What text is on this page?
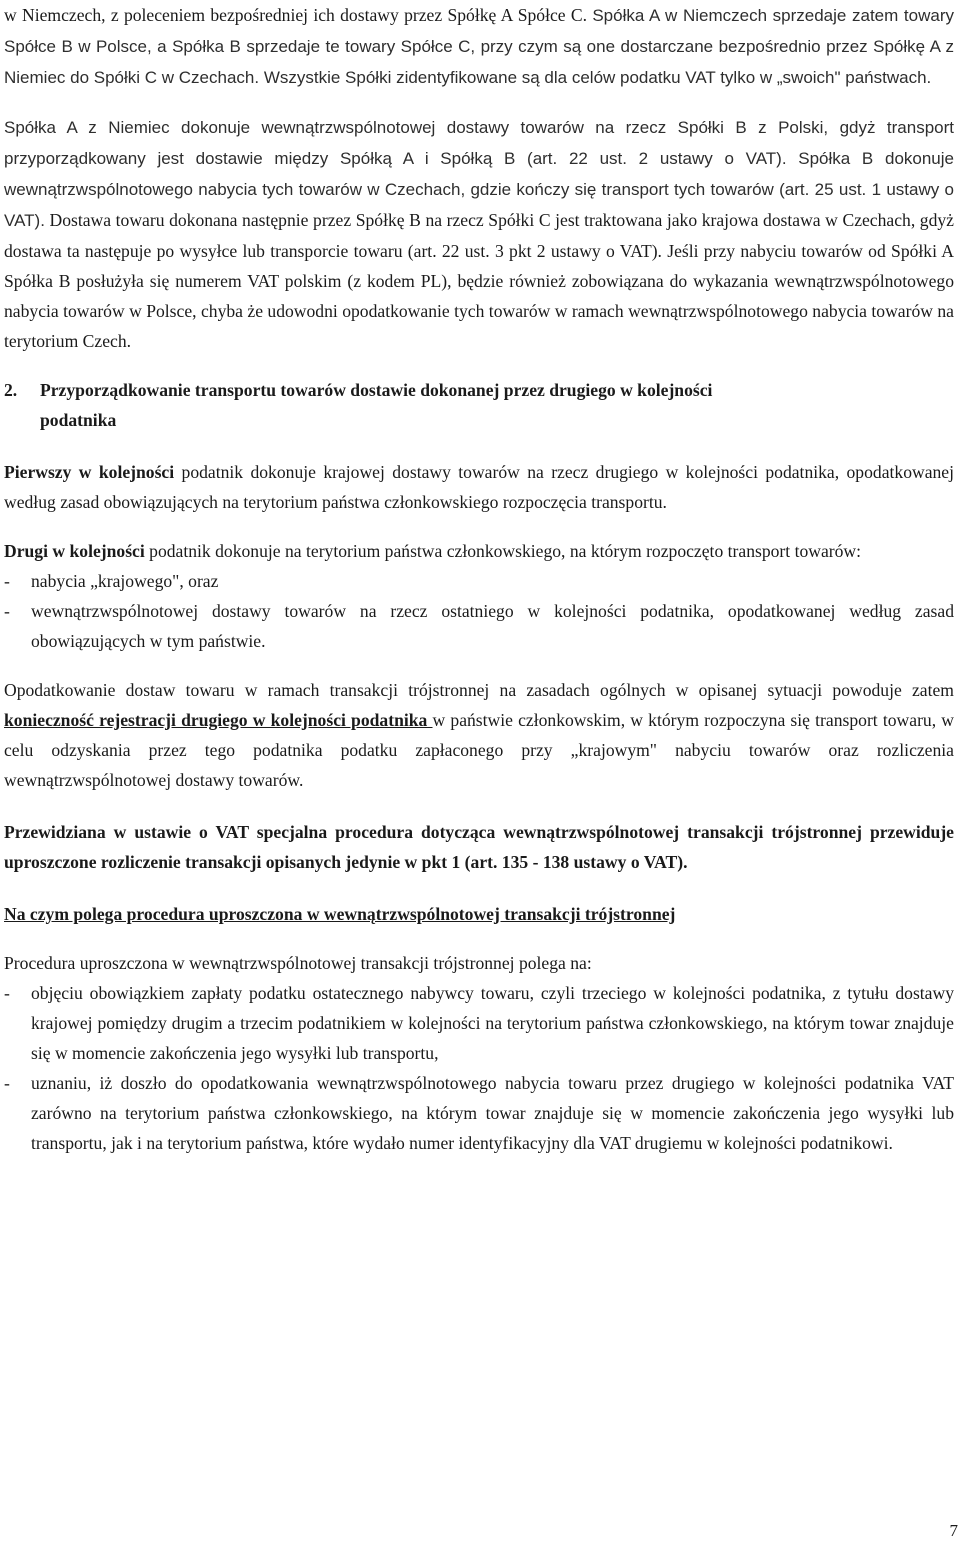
w Niemczech, z poleceniem bezpośredniej ich dostawy przez Spółkę A Spółce C. Spółka A w Niemczech sprzedaje zatem towary Spółce B w Polsce, a Spółka B sprzedaje te towary Spółce C, przy czym są one dostarczane bezpośrednio przez Spółkę A z Niemiec do Spółki C w Czechach. Wszystkie Spółki zidentyfikowane są dla celów podatku VAT tylko w „swoich" państwach.

Spółka A z Niemiec dokonuje wewnątrzwspólnotowej dostawy towarów na rzecz Spółki B z Polski, gdyż transport przyporządkowany jest dostawie między Spółką A i Spółką B (art. 22 ust. 2 ustawy o VAT). Spółka B dokonuje wewnątrzwspólnotowego nabycia tych towarów w Czechach, gdzie kończy się transport tych towarów (art. 25 ust. 1 ustawy o VAT). Dostawa towaru dokonana następnie przez Spółkę B na rzecz Spółki C jest traktowana jako krajowa dostawa w Czechach, gdyż dostawa ta następuje po wysyłce lub transporcie towaru (art. 22 ust. 3 pkt 2 ustawy o VAT). Jeśli przy nabyciu towarów od Spółki A Spółka B posłużyła się numerem VAT polskim (z kodem PL), będzie również zobowiązana do wykazania wewnątrzwspólnotowego nabycia towarów w Polsce, chyba że udowodni opodatkowanie tych towarów w ramach wewnątrzwspólnotowego nabycia towarów na terytorium Czech.

2. Przyporządkowanie transportu towarów dostawie dokonanej przez drugiego w kolejności
podatnika

Pierwszy w kolejności podatnik dokonuje krajowej dostawy towarów na rzecz drugiego w kolejności podatnika, opodatkowanej według zasad obowiązujących na terytorium państwa członkowskiego rozpoczęcia transportu.

Drugi w kolejności podatnik dokonuje na terytorium państwa członkowskiego, na którym rozpoczęto transport towarów:

- nabycia „krajowego", oraz
- wewnątrzwspólnotowej dostawy towarów na rzecz ostatniego w kolejności podatnika, opodatkowanej według zasad obowiązujących w tym państwie.

Opodatkowanie dostaw towaru w ramach transakcji trójstronnej na zasadach ogólnych w opisanej sytuacji powoduje zatem konieczność rejestracji drugiego w kolejności podatnika w państwie członkowskim, w którym rozpoczyna się transport towaru, w celu odzyskania przez tego podatnika podatku zapłaconego przy „krajowym" nabyciu towarów oraz rozliczenia wewnątrzwspólnotowej dostawy towarów.

Przewidziana w ustawie o VAT specjalna procedura dotycząca wewnątrzwspólnotowej transakcji trójstronnej przewiduje uproszczone rozliczenie transakcji opisanych jedynie w pkt 1 (art. 135 - 138 ustawy o VAT).

Na czym polega procedura uproszczona w wewnątrzwspólnotowej transakcji trójstronnej

Procedura uproszczona w wewnątrzwspólnotowej transakcji trójstronnej polega na:

- objęciu obowiązkiem zapłaty podatku ostatecznego nabywcy towaru, czyli trzeciego w kolejności podatnika, z tytułu dostawy krajowej pomiędzy drugim a trzecim podatnikiem w kolejności na terytorium państwa członkowskiego, na którym towar znajduje się w momencie zakończenia jego wysyłki lub transportu,
- uznaniu, iż doszło do opodatkowania wewnątrzwspólnotowego nabycia towaru przez drugiego w kolejności podatnika VAT zarówno na terytorium państwa członkowskiego, na którym towar znajduje się w momencie zakończenia jego wysyłki lub transportu, jak i na terytorium państwa, które wydało numer identyfikacyjny dla VAT drugiemu w kolejności podatnikowi.
7
